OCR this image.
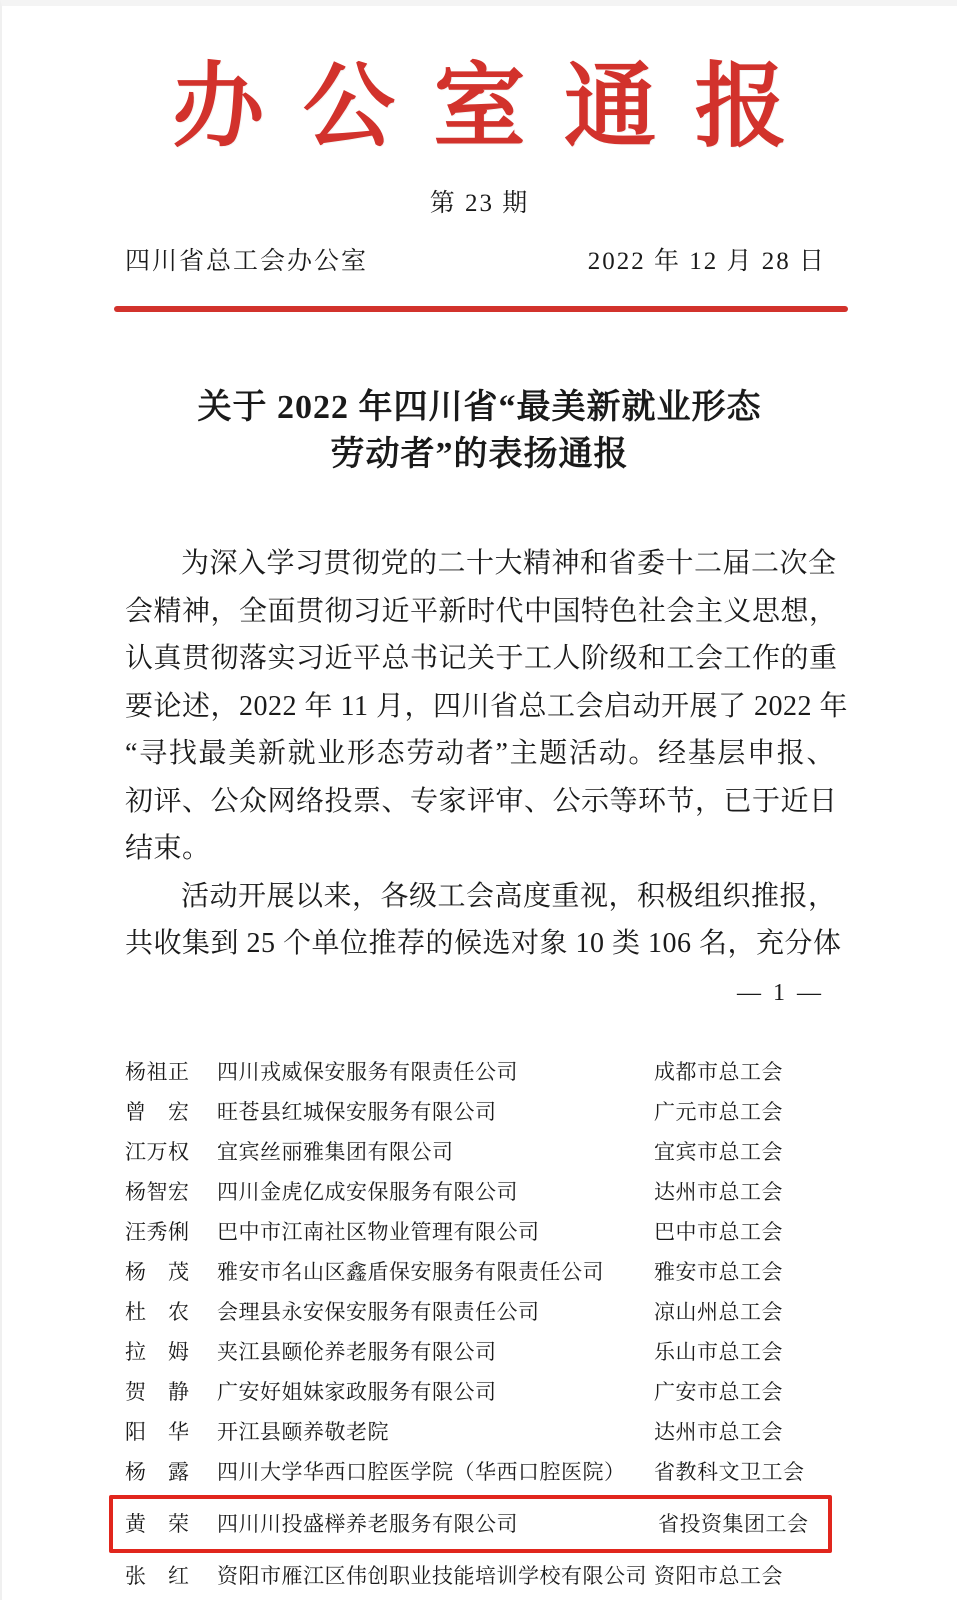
办公室通报
第 23 期
四川省总工会办公室	2022 年 12 月 28 日
关于 2022 年四川省“最美新就业形态
劳动者”的表扬通报
为深入学习贯彻党的二十大精神和省委十二届二次全
会精神，全面贯彻习近平新时代中国特色社会主义思想，
认真贯彻落实习近平总书记关于工人阶级和工会工作的重
要论述，2022 年 11 月，四川省总工会启动开展了 2022 年
“寻找最美新就业形态劳动者”主题活动。经基层申报、
初评、公众网络投票、专家评审、公示等环节，已于近日
结束。
活动开展以来，各级工会高度重视，积极组织推报，
共收集到 25 个单位推荐的候选对象 10 类 106 名，充分体
— 1 —
杨祖正	四川戎威保安服务有限责任公司	成都市总工会
曾　宏	旺苍县红城保安服务有限公司	广元市总工会
江万权	宜宾丝丽雅集团有限公司	宜宾市总工会
杨智宏	四川金虎亿成安保服务有限公司	达州市总工会
汪秀俐	巴中市江南社区物业管理有限公司	巴中市总工会
杨　茂	雅安市名山区鑫盾保安服务有限责任公司	雅安市总工会
杜　农	会理县永安保安服务有限责任公司	凉山州总工会
拉　姆	夹江县颐伦养老服务有限公司	乐山市总工会
贺　静	广安好姐妹家政服务有限公司	广安市总工会
阳　华	开江县颐养敬老院	达州市总工会
杨　露	四川大学华西口腔医学院（华西口腔医院）	省教科文卫工会
黄　荣	四川川投盛榉养老服务有限公司	省投资集团工会
张　红	资阳市雁江区伟创职业技能培训学校有限公司 资阳市总工会
